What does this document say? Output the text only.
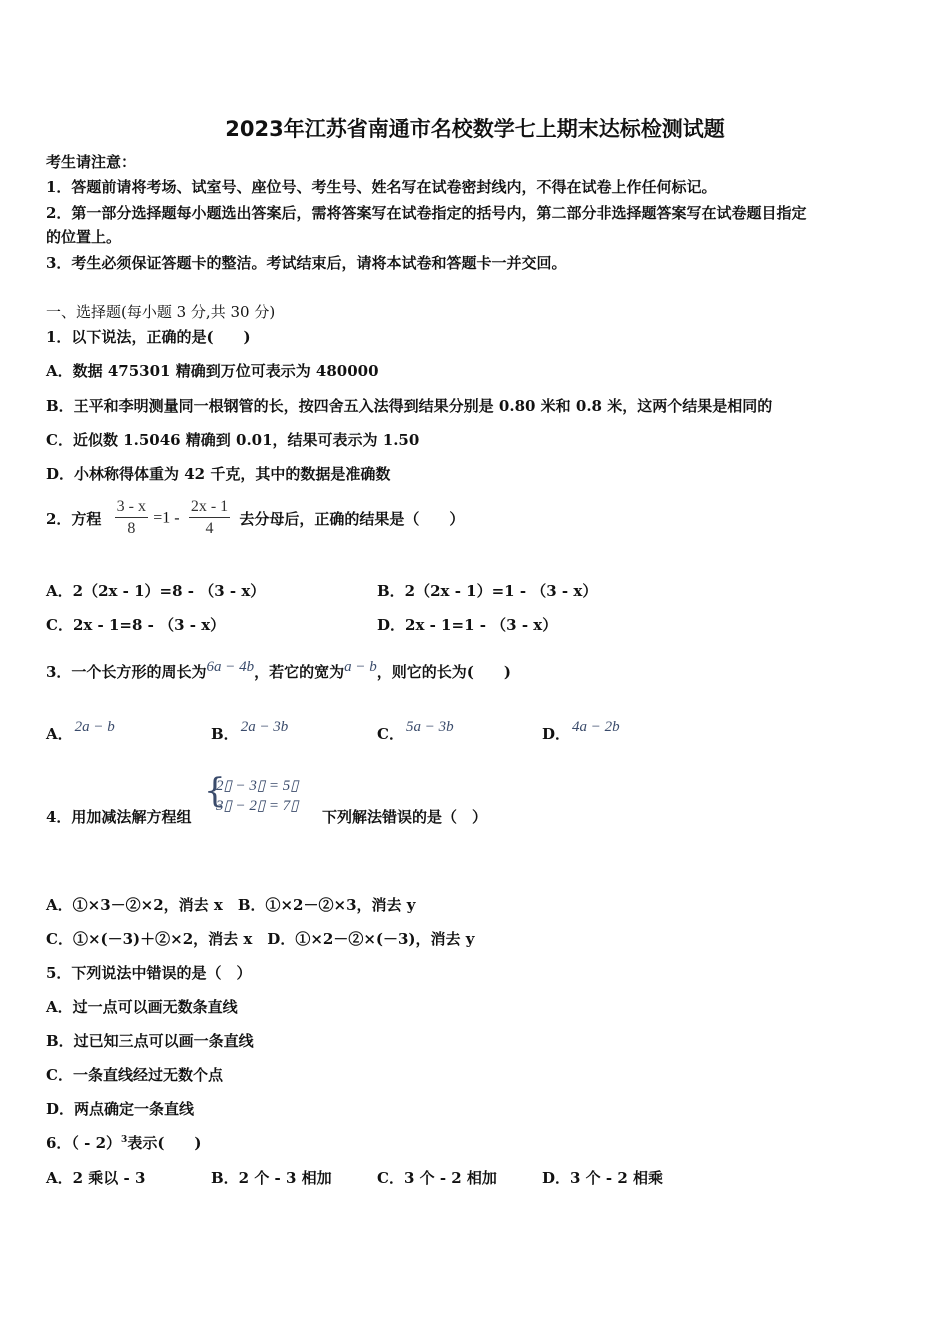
2023年江苏省南通市名校数学七上期末达标检测试题
考生请注意：
1．答题前请将考场、试室号、座位号、考生号、姓名写在试卷密封线内，不得在试卷上作任何标记。
2．第一部分选择题每小题选出答案后，需将答案写在试卷指定的括号内，第二部分非选择题答案写在试卷题目指定
的位置上。
3．考生必须保证答题卡的整洁。考试结束后，请将本试卷和答题卡一并交回。
一、选择题(每小题 3 分,共 30 分)
1．以下说法，正确的是(　　)
A．数据 475301 精确到万位可表示为 480000
B．王平和李明测量同一根钢管的长，按四舍五入法得到结果分别是 0.80 米和 0.8 米，这两个结果是相同的
C．近似数 1.5046 精确到 0.01，结果可表示为 1.50
D．小林称得体重为 42 千克，其中的数据是准确数
2．方程 $\frac{3 - x}{8} =1 - \frac{2x - 1}{4}$ 去分母后，正确的结果是（　　）
A．2（2x - 1）=8 - （3 - x）	B．2（2x - 1）=1 - （3 - x）
C．2x - 1=8 - （3 - x）	D．2x - 1=1 - （3 - x）
3．一个长方形的周长为6a − 4b，若它的宽为a − b，则它的长为(　　)
A． 2a − b	B． 2a − 3b	C． 5a − 3b	D． 4a − 2b
4．用加减法解方程组
{
2▯ − 3▯ = 5▯
3▯ − 2▯ = 7▯
下列解法错误的是（　）
A．①×3－②×2，消去 x　B．①×2－②×3，消去 y
C．①×(－3)＋②×2，消去 x　D．①×2－②×(－3)，消去 y
5．下列说法中错误的是（　）
A．过一点可以画无数条直线
B．过已知三点可以画一条直线
C．一条直线经过无数个点
D．两点确定一条直线
6．（ - 2）$^3$表示(　　)
A．2 乘以 - 3	B．2 个 - 3 相加	C．3 个 - 2 相加	D．3 个 - 2 相乘
